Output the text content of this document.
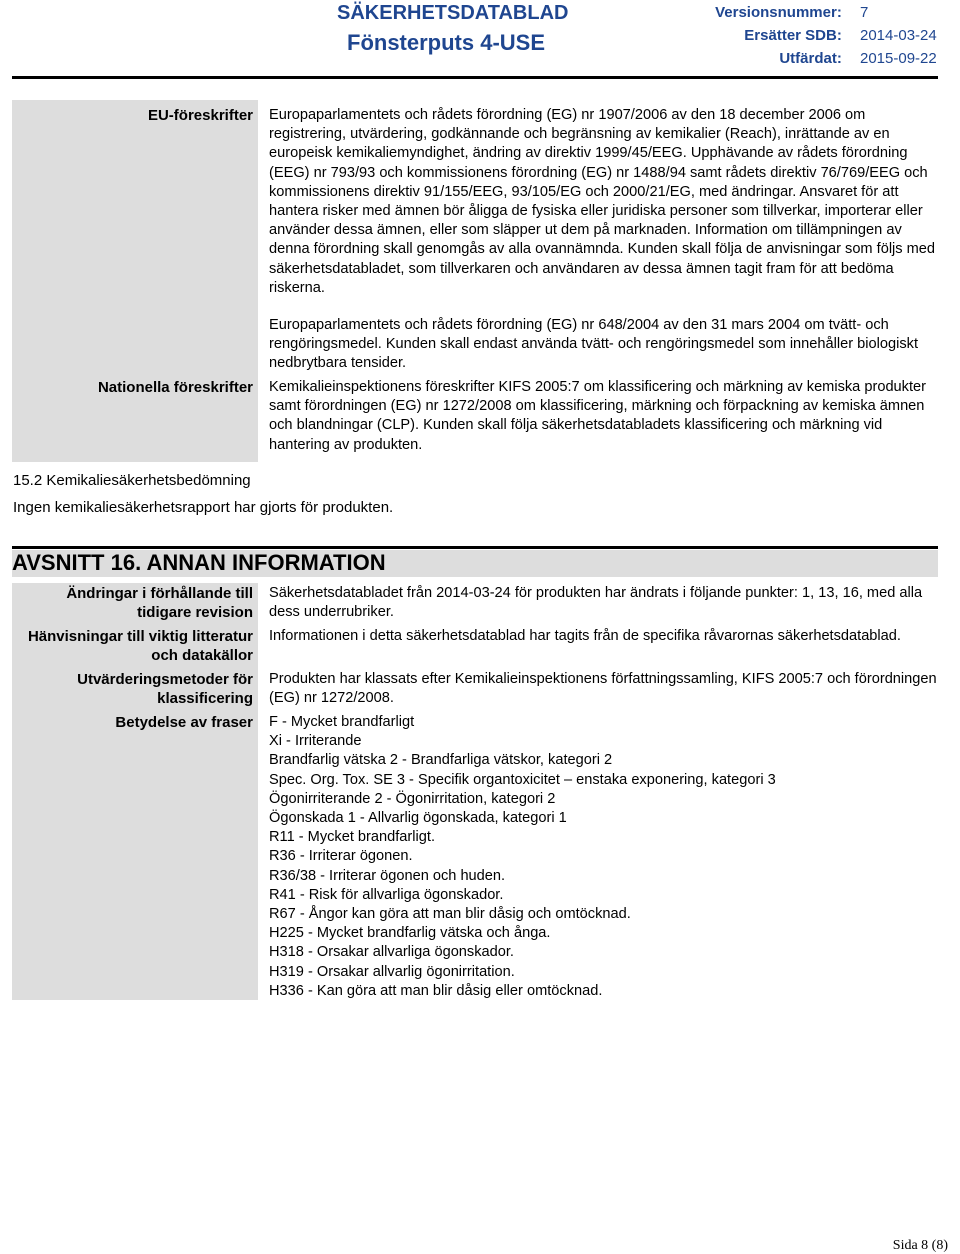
SÄKERHETSDATABLAD
Fönsterputs 4-USE
Versionsnummer: 7
Ersätter SDB: 2014-03-24
Utfärdat: 2015-09-22
EU-föreskrifter Europaparlamentets och rådets förordning (EG) nr 1907/2006 av den 18 december 2006 om registrering, utvärdering, godkännande och begränsning av kemikalier (Reach), inrättande av en europeisk kemikaliemyndighet, ändring av direktiv 1999/45/EEG. Upphävande av rådets förordning (EEG) nr 793/93 och kommissionens förordning (EG) nr 1488/94 samt rådets direktiv 76/769/EEG och kommissionens direktiv 91/155/EEG, 93/105/EG och 2000/21/EG, med ändringar. Ansvaret för att hantera risker med ämnen bör åligga de fysiska eller juridiska personer som tillverkar, importerar eller använder dessa ämnen, eller som släpper ut dem på marknaden. Information om tillämpningen av denna förordning skall genomgås av alla ovannämnda. Kunden skall följa de anvisningar som följs med säkerhetsdatabladet, som tillverkaren och användaren av dessa ämnen tagit fram för att bedöma riskerna.
Europaparlamentets och rådets förordning (EG) nr 648/2004 av den 31 mars 2004 om tvätt- och rengöringsmedel. Kunden skall endast använda tvätt- och rengöringsmedel som innehåller biologiskt nedbrytbara tensider.
Nationella föreskrifter Kemikalieinspektionens föreskrifter KIFS 2005:7 om klassificering och märkning av kemiska produkter samt förordningen (EG) nr 1272/2008 om klassificering, märkning och förpackning av kemiska ämnen och blandningar (CLP). Kunden skall följa säkerhetsdatabladets klassificering och märkning vid hantering av produkten.
15.2 Kemikaliesäkerhetsbedömning
Ingen kemikaliesäkerhetsrapport har gjorts för produkten.
AVSNITT 16. ANNAN INFORMATION
Ändringar i förhållande till tidigare revision
Säkerhetsdatabladet från 2014-03-24 för produkten har ändrats i följande punkter: 1, 13, 16, med alla dess underrubriker.
Hänvisningar till viktig litteratur och datakällor
Informationen i detta säkerhetsdatablad har tagits från de specifika råvarornas säkerhetsdatablad.
Utvärderingsmetoder för klassificering
Produkten har klassats efter Kemikalieinspektionens författningssamling, KIFS 2005:7 och förordningen (EG) nr 1272/2008.
Betydelse av fraser F - Mycket brandfarligt
Xi - Irriterande
Brandfarlig vätska 2 - Brandfarliga vätskor, kategori 2
Spec. Org. Tox. SE 3 - Specifik organtoxicitet – enstaka exponering, kategori 3
Ögonirriterande 2 - Ögonirritation, kategori 2
Ögonskada 1 - Allvarlig ögonskada, kategori 1
R11 - Mycket brandfarligt.
R36 - Irriterar ögonen.
R36/38 - Irriterar ögonen och huden.
R41 - Risk för allvarliga ögonskador.
R67 - Ångor kan göra att man blir dåsig och omtöcknad.
H225 - Mycket brandfarlig vätska och ånga.
H318 - Orsakar allvarliga ögonskador.
H319 - Orsakar allvarlig ögonirritation.
H336 - Kan göra att man blir dåsig eller omtöcknad.
Sida 8 (8)
